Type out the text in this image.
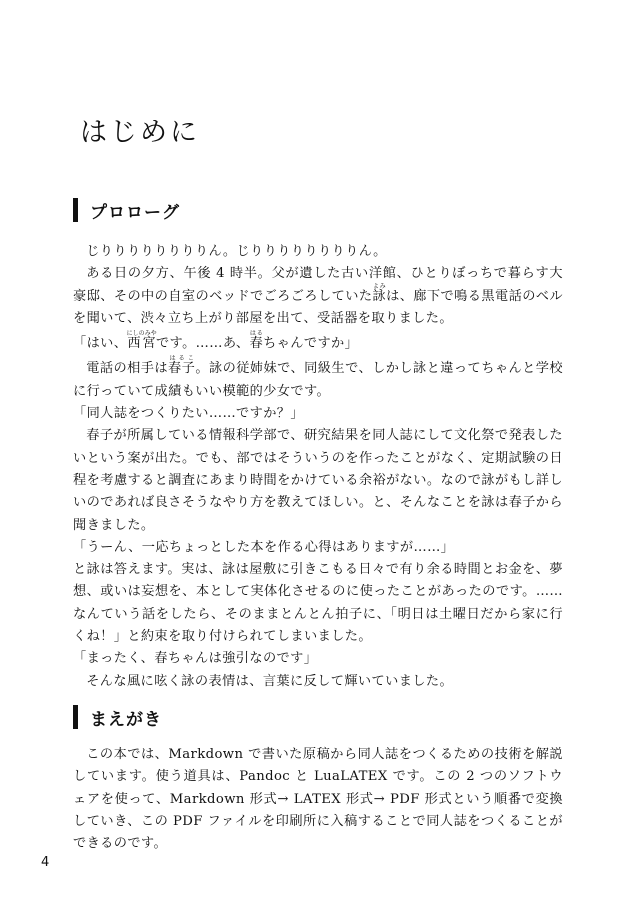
はじめに
プロローグ

じりりりりりりりりん。じりりりりりりりりん。

ある日の夕方、午後 4 時半。父が遺した古い洋館、ひとりぼっちで暮らす大豪邸、その中の自室のベッドでごろごろしていた詠よみは、廊下で鳴る黒電話のベルを聞いて、渋々立ち上がり部屋を出て、受話器を取りました。

「はい、西宮にしのみやです。……あ、春はるちゃんですか」

電話の相手は春子はるこ。詠の従姉妹で、同級生で、しかし詠と違ってちゃんと学校に行っていて成績もいい模範的少女です。

「同人誌をつくりたい……ですか？」

春子が所属している情報科学部で、研究結果を同人誌にして文化祭で発表したいという案が出た。でも、部ではそういうのを作ったことがなく、定期試験の日程を考慮すると調査にあまり時間をかけている余裕がない。なので詠がもし詳しいのであれば良さそうなやり方を教えてほしい。と、そんなことを詠は春子から聞きました。

「うーん、一応ちょっとした本を作る心得はありますが……」

と詠は答えます。実は、詠は屋敷に引きこもる日々で有り余る時間とお金を、夢想、或いは妄想を、本として実体化させるのに使ったことがあったのです。……なんていう話をしたら、そのままとんとん拍子に、「明日は土曜日だから家に行くね！」と約束を取り付けられてしまいました。

「まったく、春ちゃんは強引なのです」

そんな風に呟く詠の表情は、言葉に反して輝いていました。

まえがき

この本では、Markdown で書いた原稿から同人誌をつくるための技術を解説しています。使う道具は、Pandoc と LuaLATEX です。この 2 つのソフトウェアを使って、Markdown 形式→ LATEX 形式→ PDF 形式という順番で変換していき、この PDF ファイルを印刷所に入稿することで同人誌をつくることができるのです。

4
